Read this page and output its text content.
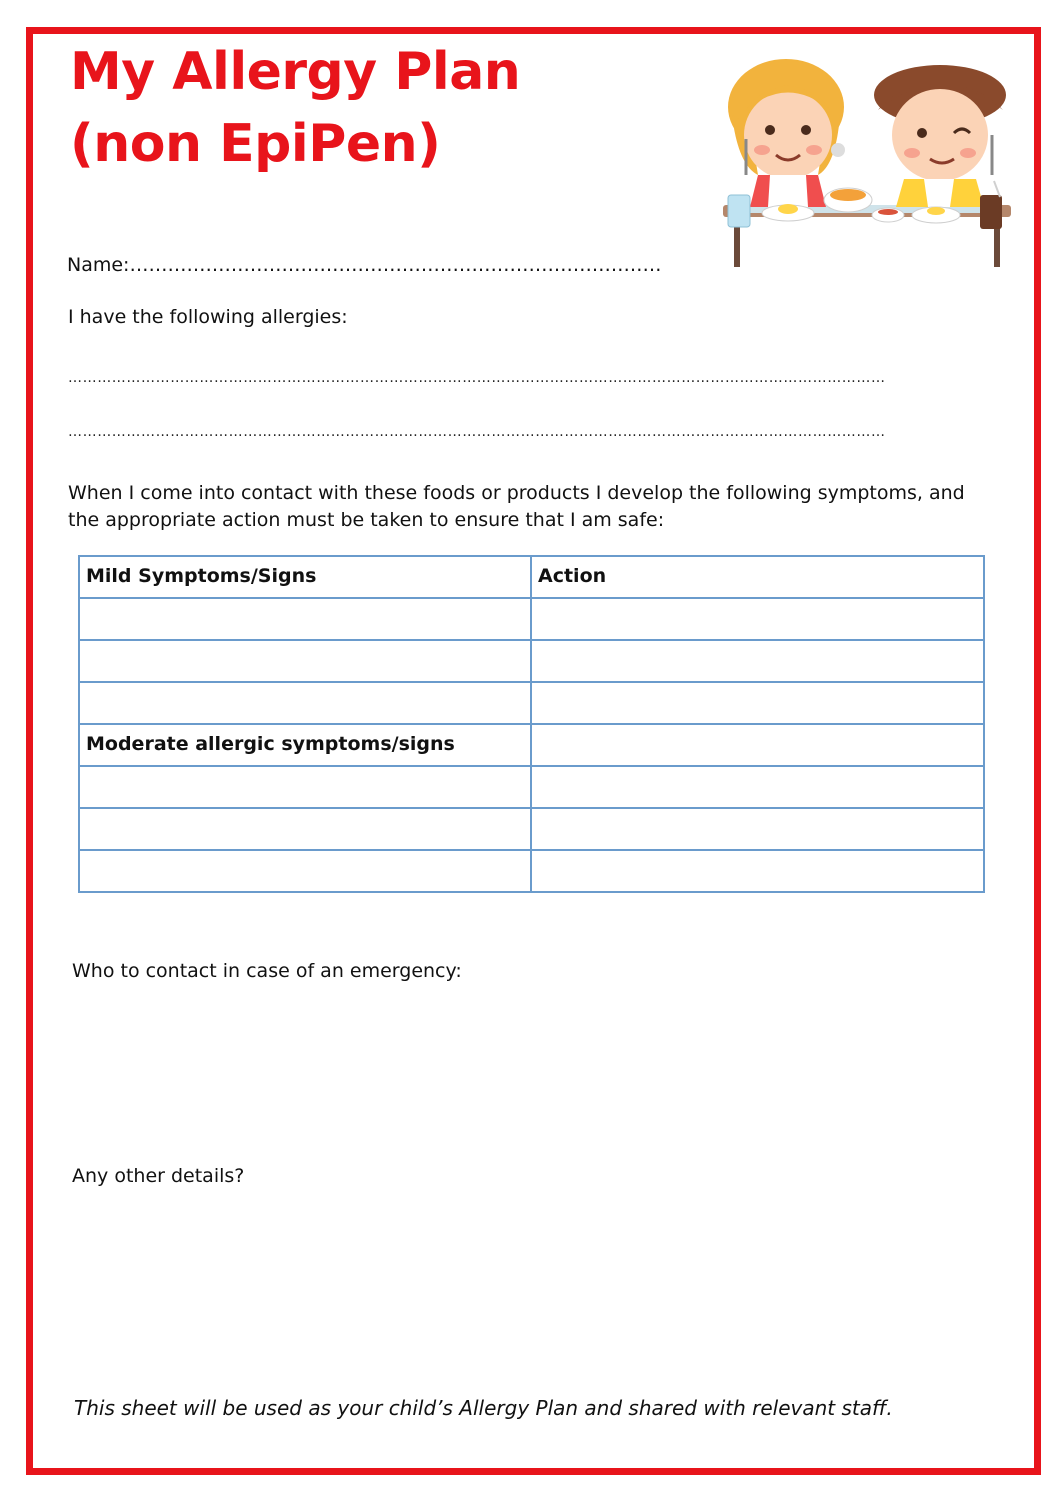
My Allergy Plan
(non EpiPen)
Name:…………………………………………………………………………
I have the following allergies:
……………………………………………………………………………………………………………………………………………………
……………………………………………………………………………………………………………………………………………………
When I come into contact with these foods or products I develop the following symptoms, and the appropriate action must be taken to ensure that I am safe:
Mild Symptoms/Signs	Action

Moderate allergic symptoms/signs	

Who to contact in case of an emergency:
Any other details?
This sheet will be used as your child’s Allergy Plan and shared with relevant staff.
